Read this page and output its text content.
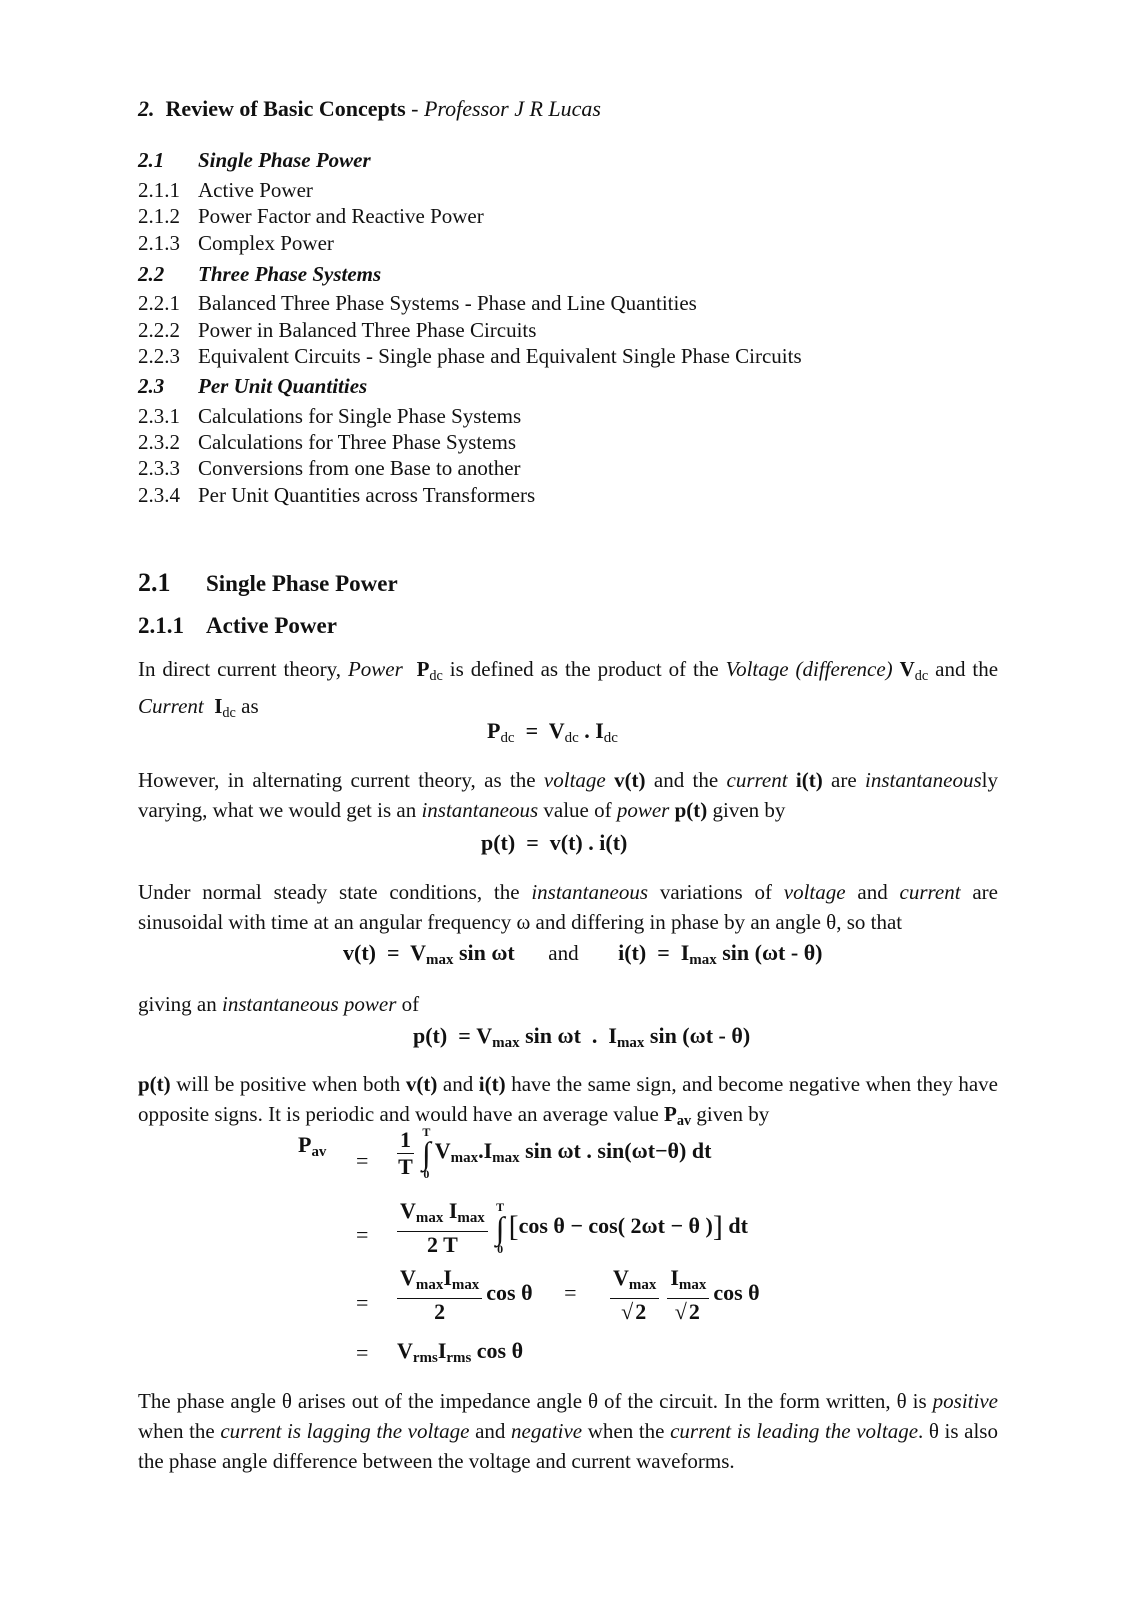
2. Review of Basic Concepts - Professor J R Lucas
2.1 Single Phase Power
2.1.1 Active Power
2.1.2 Power Factor and Reactive Power
2.1.3 Complex Power
2.2 Three Phase Systems
2.2.1 Balanced Three Phase Systems - Phase and Line Quantities
2.2.2 Power in Balanced Three Phase Circuits
2.2.3 Equivalent Circuits - Single phase and Equivalent Single Phase Circuits
2.3 Per Unit Quantities
2.3.1 Calculations for Single Phase Systems
2.3.2 Calculations for Three Phase Systems
2.3.3 Conversions from one Base to another
2.3.4 Per Unit Quantities across Transformers
2.1 Single Phase Power
2.1.1 Active Power
In direct current theory, Power $P_{dc}$ is defined as the product of the Voltage (difference) $V_{dc}$ and the Current $I_{dc}$ as
$P_{dc} = V_{dc}$ . $I_{dc}$
However, in alternating current theory, as the voltage v(t) and the current i(t) are instantaneously varying, what we would get is an instantaneous value of power p(t) given by
p(t)  =  v(t) . i(t)
Under normal steady state conditions, the instantaneous variations of voltage and current are sinusoidal with time at an angular frequency ω and differing in phase by an angle θ, so that
$v(t) = V_{max}$ sin ωt and $i(t) = I_{max}$ sin (ωt - θ)
giving an instantaneous power of
$p(t) = V_{max}$ sin ωt  .  $I_{max}$ sin (ωt - θ)
p(t) will be positive when both v(t) and i(t) have the same sign, and become negative when they have opposite signs. It is periodic and would have an average value $P_{av}$ given by
$P_{av} = \frac{1}{T}$ T
∫
0
$V_{max}.I_{max}$ sin ωt . sin(ωt−θ) dt
= $\frac{V_{max} I_{max}}{2 T}$ T
∫
0
[cos θ − cos( 2ωt − θ )] dt
= $\frac{V_{max}I_{max}}{2}$ $\cos \theta = \frac{V_{max}}{√2} \frac{I_{max}}{√2}$ cos θ
= $V_{rms}I_{rms}$ cos θ
The phase angle θ arises out of the impedance angle θ of the circuit. In the form written, θ is positive when the current is lagging the voltage and negative when the current is leading the voltage. θ is also the phase angle difference between the voltage and current waveforms.
